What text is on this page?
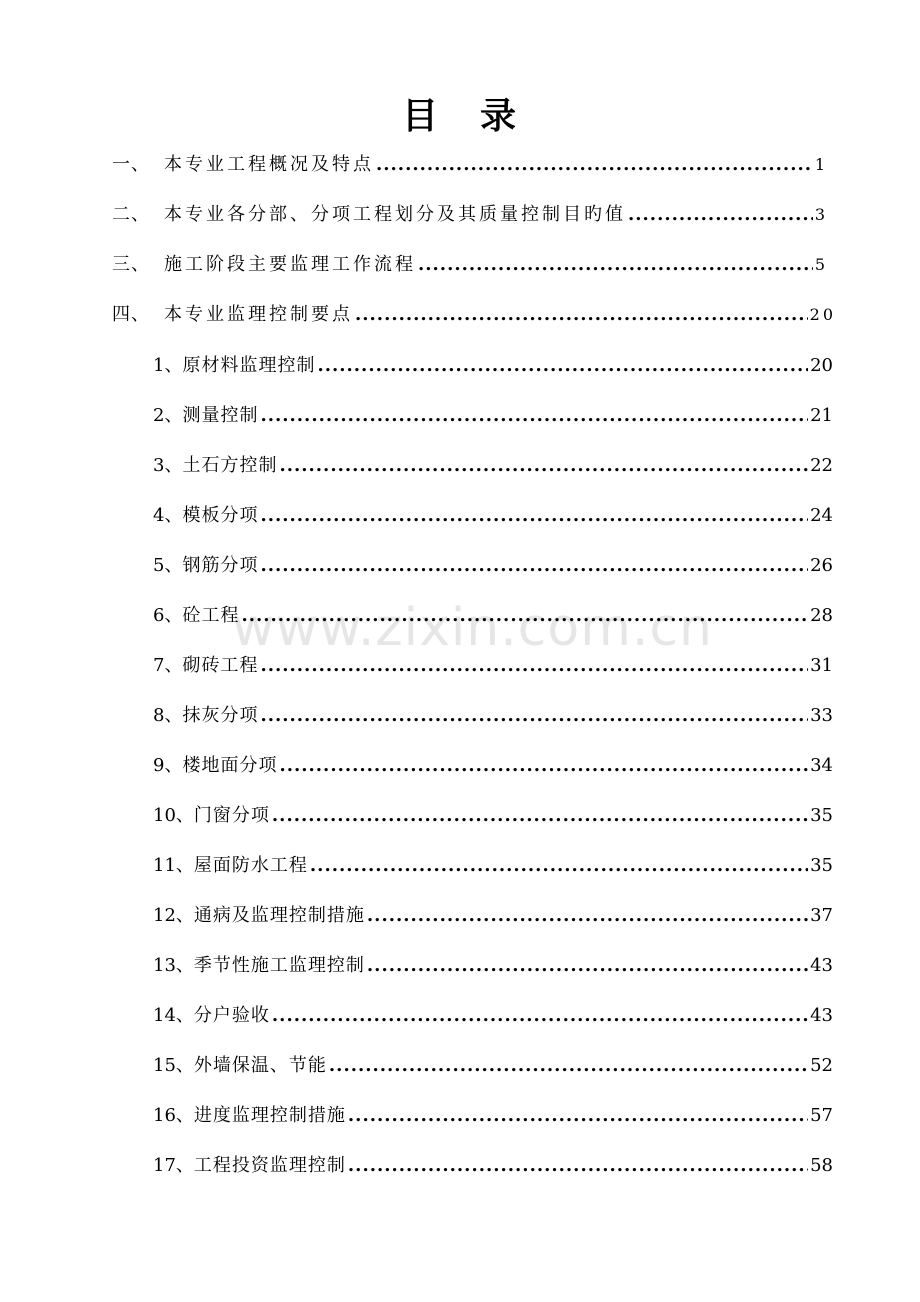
目 录
www.zixin.com.cn
一、 本专业工程概况及特点 .....	1
二、 本专业各分部、分项工程划分及其质量控制目旳值 .....	3
三、 施工阶段主要监理工作流程 .....	5
四、 本专业监理控制要点 .....	20
1、 原材料监理控制 .....	20
2、 测量控制 .....	21
3、 土石方控制 .....	22
4、 模板分项 .....	24
5、 钢筋分项 .....	26
6、 砼工程 .....	28
7、 砌砖工程 .....	31
8、 抹灰分项 .....	33
9、 楼地面分项 .....	34
10、 门窗分项 .....	35
11、 屋面防水工程 .....	35
12、 通病及监理控制措施 .....	37
13、 季节性施工监理控制 .....	43
14、 分户验收 .....	43
15、 外墙保温、节能 .....	52
16、 进度监理控制措施 .....	57
17、 工程投资监理控制 .....	58
